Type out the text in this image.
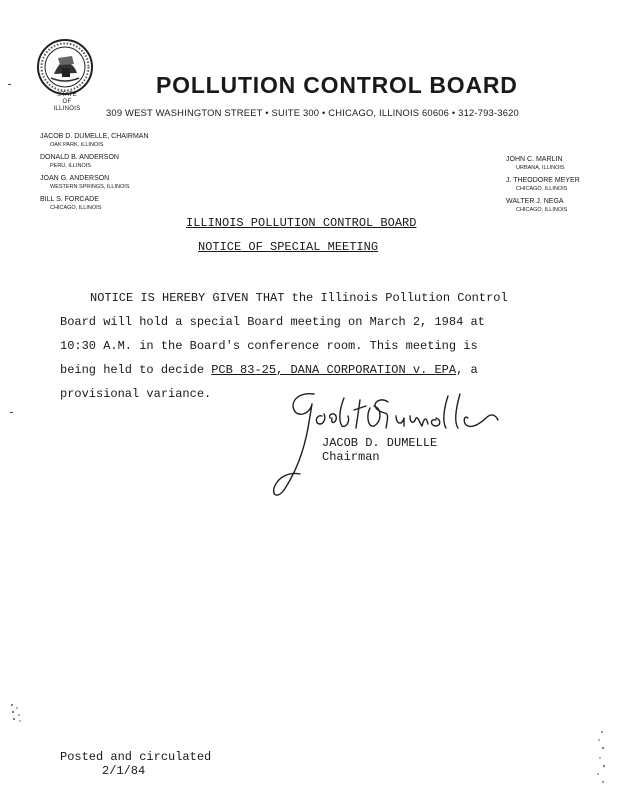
STATE
OF
ILLINOIS
POLLUTION CONTROL BOARD
309 WEST WASHINGTON STREET • SUITE 300 • CHICAGO, ILLINOIS 60606 • 312-793-3620
JACOB D. DUMELLE, CHAIRMAN
OAK PARK, ILLINOIS
DONALD B. ANDERSON
PERU, ILLINOIS
JOAN G. ANDERSON
WESTERN SPRINGS, ILLINOIS
BILL S. FORCADE
CHICAGO, ILLINOIS
JOHN C. MARLIN
URBANA, ILLINOIS
J. THEODORE MEYER
CHICAGO, ILLINOIS
WALTER J. NEGA
CHICAGO, ILLINOIS
ILLINOIS POLLUTION CONTROL BOARD
NOTICE OF SPECIAL MEETING
NOTICE IS HEREBY GIVEN THAT the Illinois Pollution Control
Board will hold a special Board meeting on March 2, 1984 at
10:30 A.M. in the Board's conference room. This meeting is
being held to decide PCB 83-25, DANA CORPORATION v. EPA, a
provisional variance.
JACOB D. DUMELLE
Chairman
Posted and circulated
2/1/84
